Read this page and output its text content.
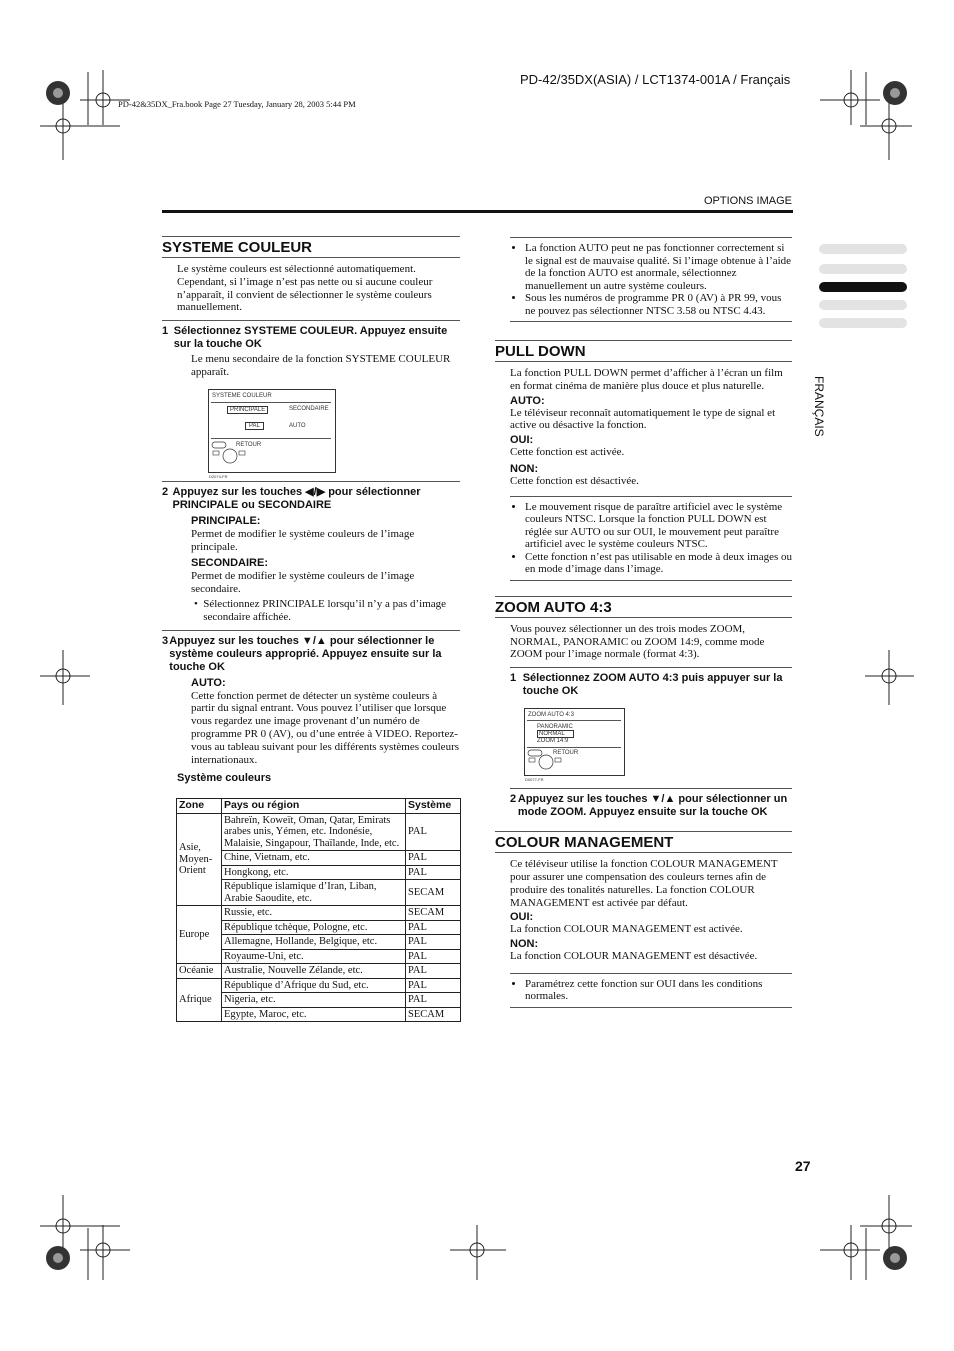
PD-42/35DX(ASIA) / LCT1374-001A / Français
PD-42&35DX_Fra.book Page 27 Tuesday, January 28, 2003 5:44 PM
OPTIONS IMAGE
FRANÇAIS
SYSTEME COULEUR
Le système couleurs est sélectionné automatiquement. Cependant, si l’image n’est pas nette ou si aucune couleur n’apparaît, il convient de sélectionner le système couleurs manuellement.
1 Sélectionnez SYSTEME COULEUR. Appuyez ensuite sur la touche OK
Le menu secondaire de la fonction SYSTEME COULEUR apparaît.
SYSTEME COULEUR
PRINCIPALE	SECONDAIRE
PAL	AUTO
RETOUR
D2074-FR
2 Appuyez sur les touches ◀/▶ pour sélectionner PRINCIPALE ou SECONDAIRE
PRINCIPALE:
Permet de modifier le système couleurs de l’image principale.
SECONDAIRE:
Permet de modifier le système couleurs de l’image secondaire.
• Sélectionnez PRINCIPALE lorsqu’il n’y a pas d’image secondaire affichée.
3 Appuyez sur les touches ▼/▲ pour sélectionner le système couleurs approprié. Appuyez ensuite sur la touche OK
AUTO:
Cette fonction permet de détecter un système couleurs à partir du signal entrant. Vous pouvez l’utiliser que lorsque vous regardez une image provenant d’un numéro de programme PR 0 (AV), ou d’une entrée à VIDEO. Reportez-vous au tableau suivant pour les différents systèmes couleurs internationaux.
Système couleurs
Zone	Pays ou région	Système
Asie, Moyen-Orient	Bahreïn, Koweït, Oman, Qatar, Emirats arabes unis, Yémen, etc. Indonésie, Malaisie, Singapour, Thaïlande, Inde, etc.	PAL
	Chine, Vietnam, etc.	PAL
	Hongkong, etc.	PAL
	République islamique d’Iran, Liban, Arabie Saoudite, etc.	SECAM
Europe	Russie, etc.	SECAM
	République tchèque, Pologne, etc.	PAL
	Allemagne, Hollande, Belgique, etc.	PAL
	Royaume-Uni, etc.	PAL
Océanie	Australie, Nouvelle Zélande, etc.	PAL
Afrique	République d’Afrique du Sud, etc.	PAL
	Nigeria, etc.	PAL
	Egypte, Maroc, etc.	SECAM
• La fonction AUTO peut ne pas fonctionner correctement si le signal est de mauvaise qualité. Si l’image obtenue à l’aide de la fonction AUTO est anormale, sélectionnez manuellement un autre système couleurs.
• Sous les numéros de programme PR 0 (AV) à PR 99, vous ne pouvez pas sélectionner NTSC 3.58 ou NTSC 4.43.
PULL DOWN
La fonction PULL DOWN permet d’afficher à l’écran un film en format cinéma de manière plus douce et plus naturelle.
AUTO:
Le téléviseur reconnaît automatiquement le type de signal et active ou désactive la fonction.
OUI:
Cette fonction est activée.
NON:
Cette fonction est désactivée.
• Le mouvement risque de paraître artificiel avec le système couleurs NTSC. Lorsque la fonction PULL DOWN est réglée sur AUTO ou sur OUI, le mouvement peut paraître artificiel avec le système couleurs NTSC.
• Cette fonction n’est pas utilisable en mode à deux images ou en mode d’image dans l’image.
ZOOM AUTO 4:3
Vous pouvez sélectionner un des trois modes ZOOM, NORMAL, PANORAMIC ou ZOOM 14:9, comme mode ZOOM pour l’image normale (format 4:3).
1 Sélectionnez ZOOM AUTO 4:3 puis appuyer sur la touche OK
ZOOM AUTO 4:3
PANORAMIC
NORMAL
ZOOM 14:9
RETOUR
D0077-FR
2 Appuyez sur les touches ▼/▲ pour sélectionner un mode ZOOM. Appuyez ensuite sur la touche OK
COLOUR MANAGEMENT
Ce téléviseur utilise la fonction COLOUR MANAGEMENT pour assurer une compensation des couleurs ternes afin de produire des tonalités naturelles. La fonction COLOUR MANAGEMENT est activée par défaut.
OUI:
La fonction COLOUR MANAGEMENT est activée.
NON:
La fonction COLOUR MANAGEMENT est désactivée.
• Paramétrez cette fonction sur OUI dans les conditions normales.
27
